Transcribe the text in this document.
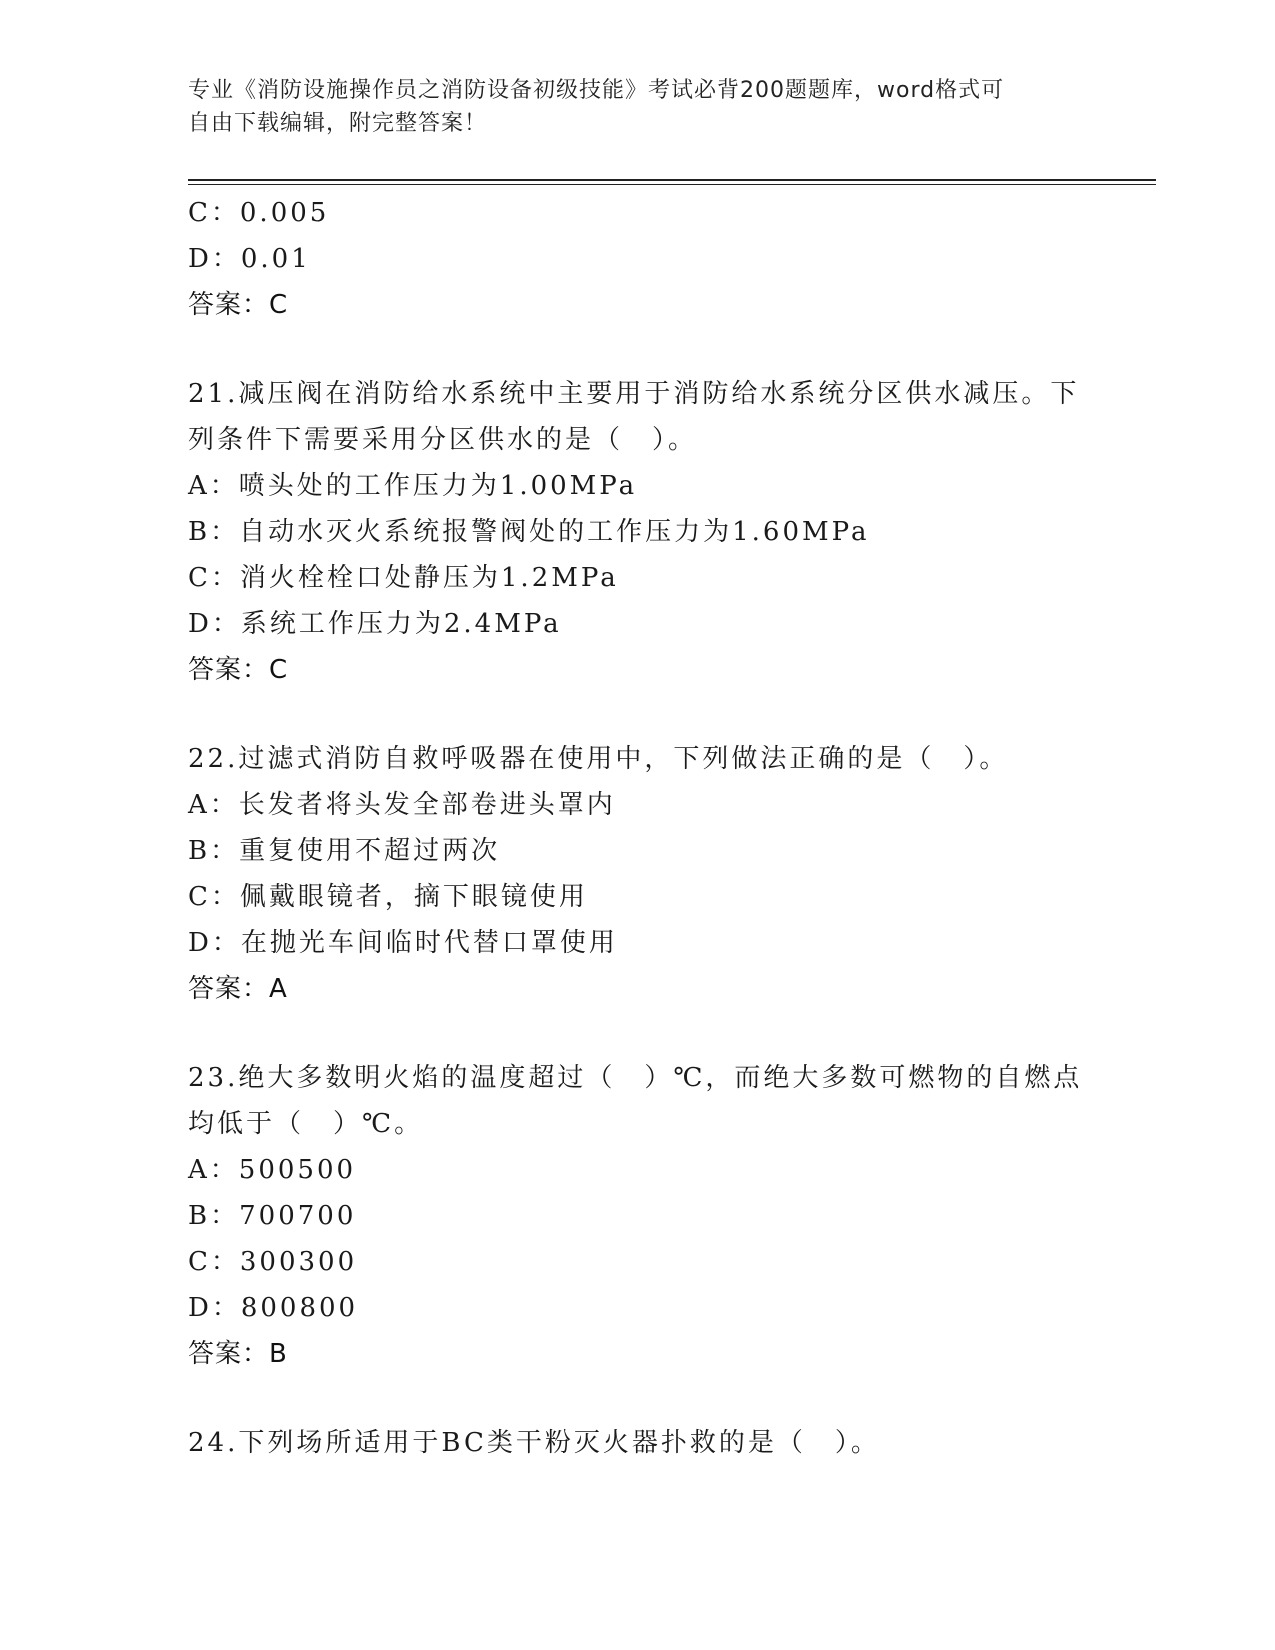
专业《消防设施操作员之消防设备初级技能》考试必背200题题库，word格式可
自由下载编辑，附完整答案！
C：0.005
D：0.01
答案：C
21.减压阀在消防给水系统中主要用于消防给水系统分区供水减压。下
列条件下需要采用分区供水的是（　）。
A：喷头处的工作压力为1.00MPa
B：自动水灭火系统报警阀处的工作压力为1.60MPa
C：消火栓栓口处静压为1.2MPa
D：系统工作压力为2.4MPa
答案：C
22.过滤式消防自救呼吸器在使用中，下列做法正确的是（　）。
A：长发者将头发全部卷进头罩内
B：重复使用不超过两次
C：佩戴眼镜者，摘下眼镜使用
D：在抛光车间临时代替口罩使用
答案：A
23.绝大多数明火焰的温度超过（　）℃，而绝大多数可燃物的自燃点
均低于（　）℃。
A：500500
B：700700
C：300300
D：800800
答案：B
24.下列场所适用于BC类干粉灭火器扑救的是（　）。
